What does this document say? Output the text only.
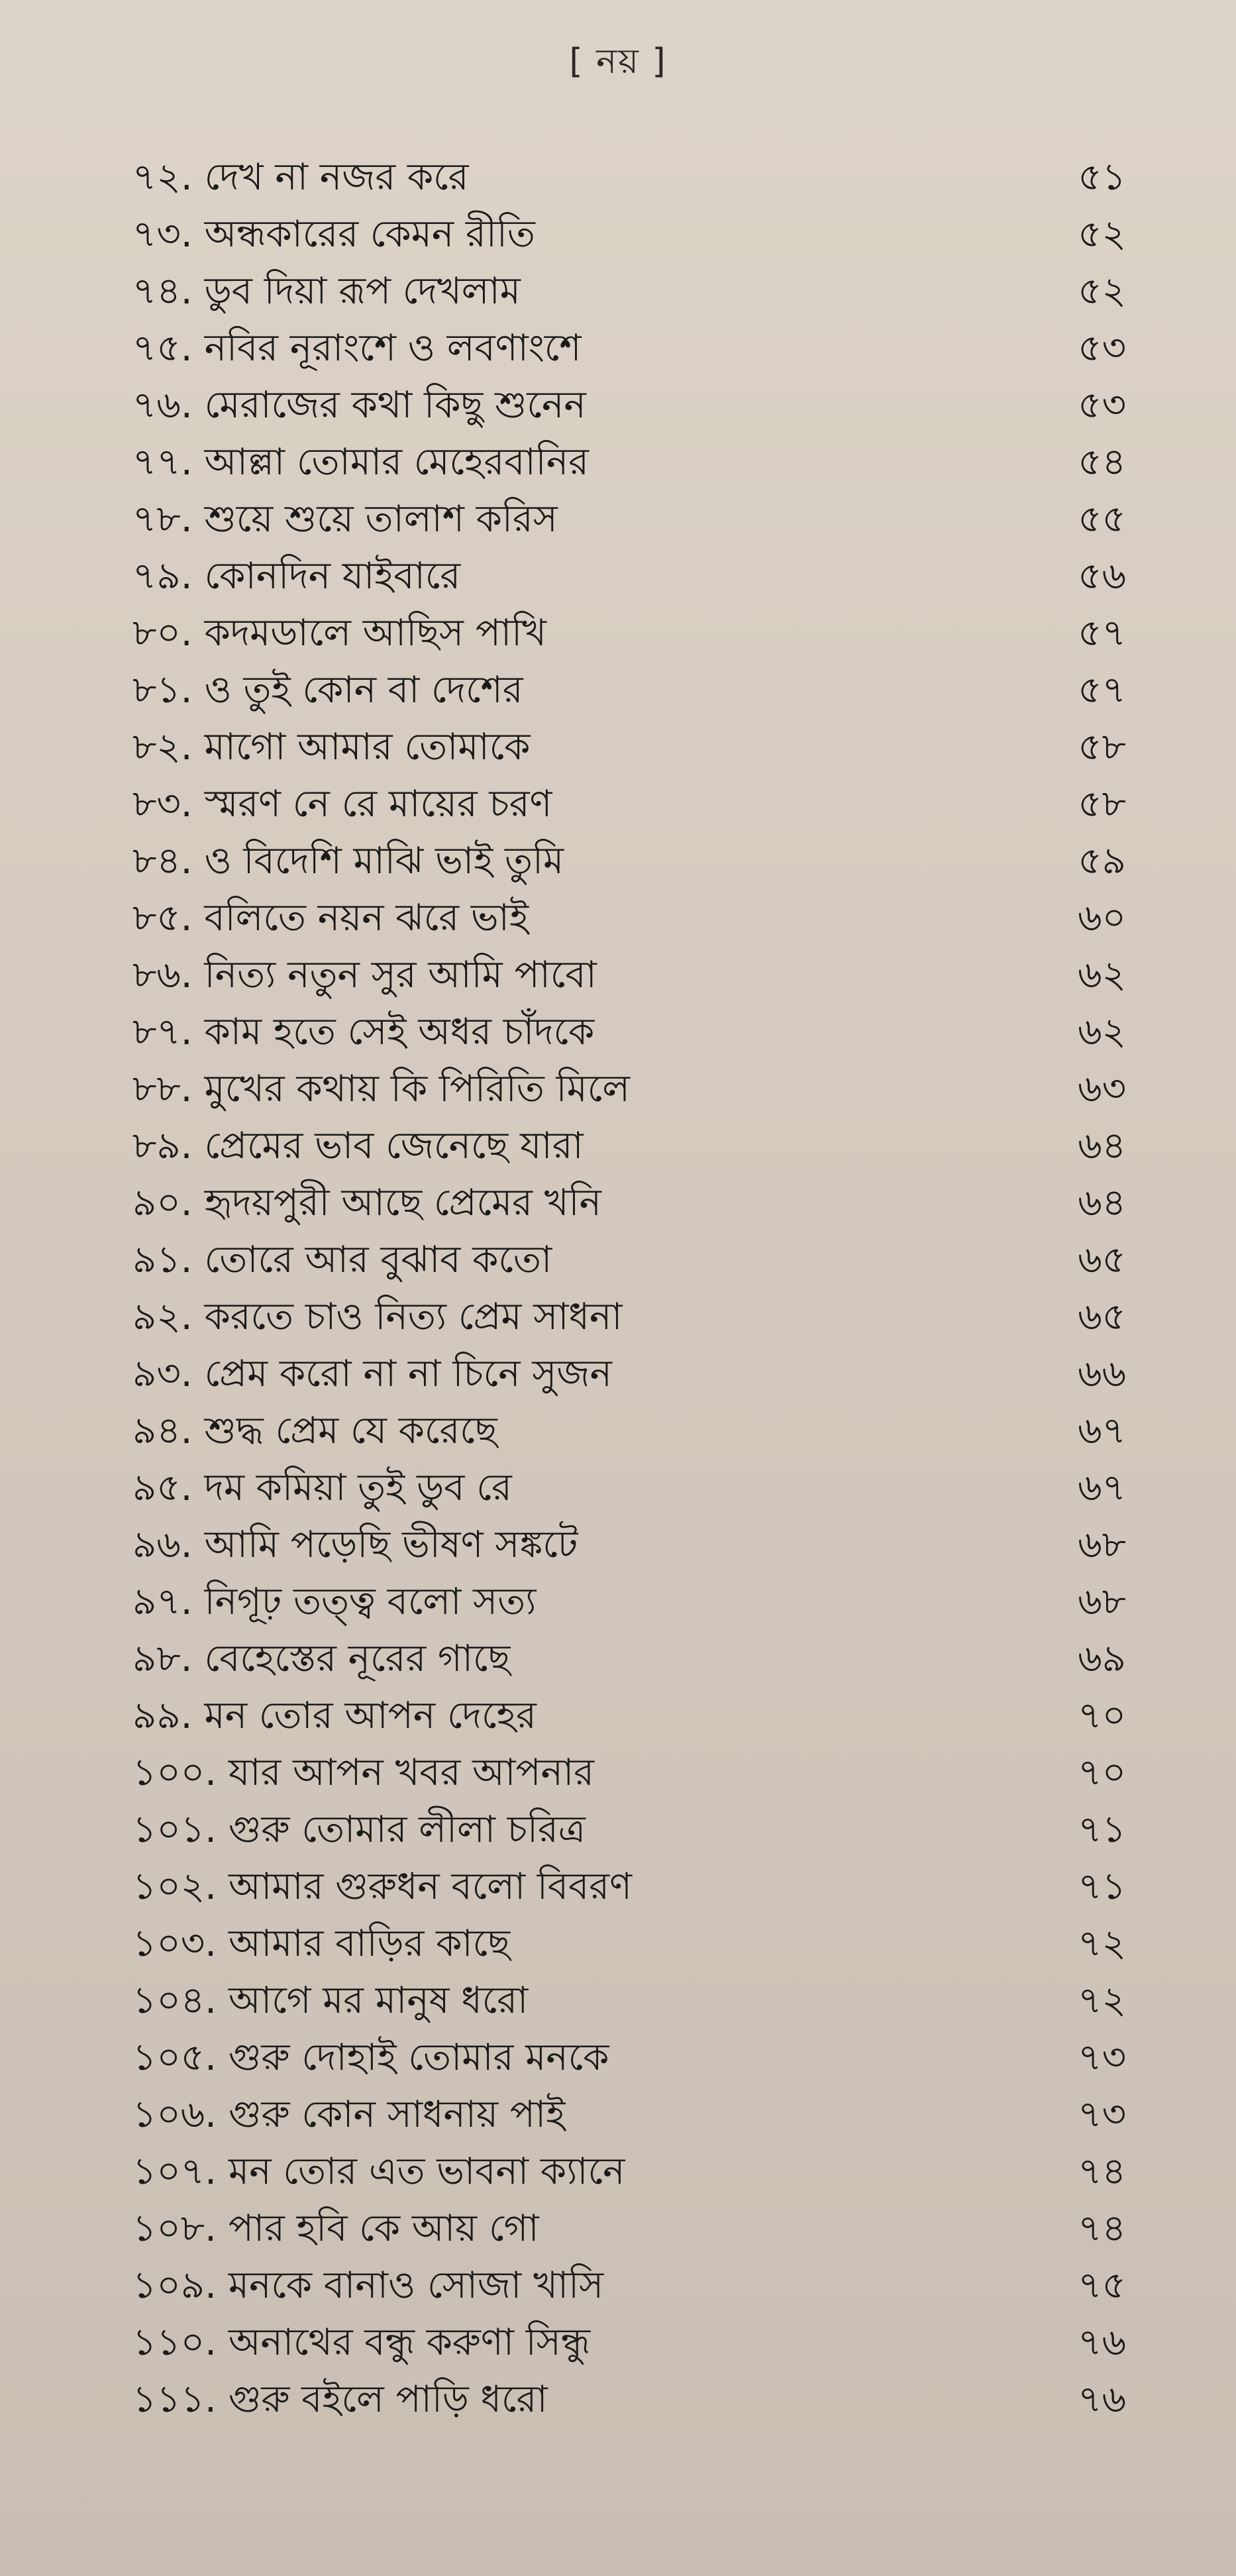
[ নয় ]
৭২. দেখ না নজর করে	৫১
৭৩. অন্ধকারের কেমন রীতি	৫২
৭৪. ডুব দিয়া রূপ দেখলাম	৫২
৭৫. নবির নূরাংশে ও লবণাংশে	৫৩
৭৬. মেরাজের কথা কিছু শুনেন	৫৩
৭৭. আল্লা তোমার মেহেরবানির	৫৪
৭৮. শুয়ে শুয়ে তালাশ করিস	৫৫
৭৯. কোনদিন যাইবারে	৫৬
৮০. কদমডালে আছিস পাখি	৫৭
৮১. ও তুই কোন বা দেশের	৫৭
৮২. মাগো আমার তোমাকে	৫৮
৮৩. স্মরণ নে রে মায়ের চরণ	৫৮
৮৪. ও বিদেশি মাঝি ভাই তুমি	৫৯
৮৫. বলিতে নয়ন ঝরে ভাই	৬০
৮৬. নিত্য নতুন সুর আমি পাবো	৬২
৮৭. কাম হতে সেই অধর চাঁদকে	৬২
৮৮. মুখের কথায় কি পিরিতি মিলে	৬৩
৮৯. প্রেমের ভাব জেনেছে যারা	৬৪
৯০. হৃদয়পুরী আছে প্রেমের খনি	৬৪
৯১. তোরে আর বুঝাব কতো	৬৫
৯২. করতে চাও নিত্য প্রেম সাধনা	৬৫
৯৩. প্রেম করো না না চিনে সুজন	৬৬
৯৪. শুদ্ধ প্রেম যে করেছে	৬৭
৯৫. দম কমিয়া তুই ডুব রে	৬৭
৯৬. আমি পড়েছি ভীষণ সঙ্কটে	৬৮
৯৭. নিগূঢ় তত্ত্ব বলো সত্য	৬৮
৯৮. বেহেস্তের নূরের গাছে	৬৯
৯৯. মন তোর আপন দেহের	৭০
১০০. যার আপন খবর আপনার	৭০
১০১. গুরু তোমার লীলা চরিত্র	৭১
১০২. আমার গুরুধন বলো বিবরণ	৭১
১০৩. আমার বাড়ির কাছে	৭২
১০৪. আগে মর মানুষ ধরো	৭২
১০৫. গুরু দোহাই তোমার মনকে	৭৩
১০৬. গুরু কোন সাধনায় পাই	৭৩
১০৭. মন তোর এত ভাবনা ক্যানে	৭৪
১০৮. পার হবি কে আয় গো	৭৪
১০৯. মনকে বানাও সোজা খাসি	৭৫
১১০. অনাথের বন্ধু করুণা সিন্ধু	৭৬
১১১. গুরু বইলে পাড়ি ধরো	৭৬
